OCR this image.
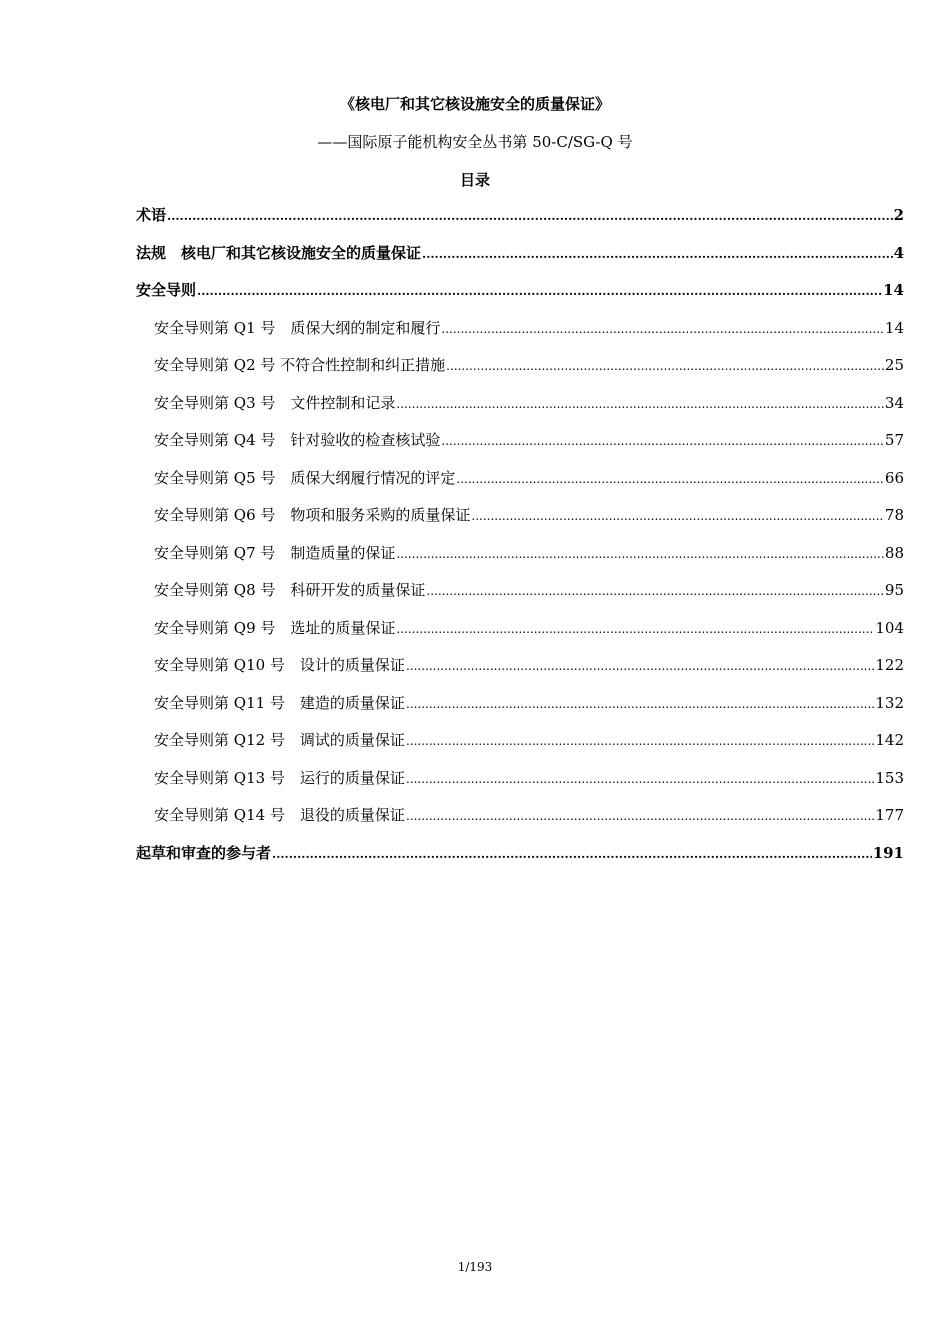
《核电厂和其它核设施安全的质量保证》
——国际原子能机构安全丛书第 50-C/SG-Q 号
目录
术语 .....	2
法规　核电厂和其它核设施安全的质量保证 .....	4
安全导则 .....	14
安全导则第 Q1 号　质保大纲的制定和履行 .....	14
安全导则第 Q2 号 不符合性控制和纠正措施 .....	25
安全导则第 Q3 号　文件控制和记录 .....	34
安全导则第 Q4 号　针对验收的检查核试验 .....	57
安全导则第 Q5 号　质保大纲履行情况的评定 .....	66
安全导则第 Q6 号　物项和服务采购的质量保证 .....	78
安全导则第 Q7 号　制造质量的保证 .....	88
安全导则第 Q8 号　科研开发的质量保证 .....	95
安全导则第 Q9 号　选址的质量保证 .....	104
安全导则第 Q10 号　设计的质量保证 .....	122
安全导则第 Q11 号　建造的质量保证 .....	132
安全导则第 Q12 号　调试的质量保证 .....	142
安全导则第 Q13 号　运行的质量保证 .....	153
安全导则第 Q14 号　退役的质量保证 .....	177
起草和审查的参与者 .....	191
1/193
